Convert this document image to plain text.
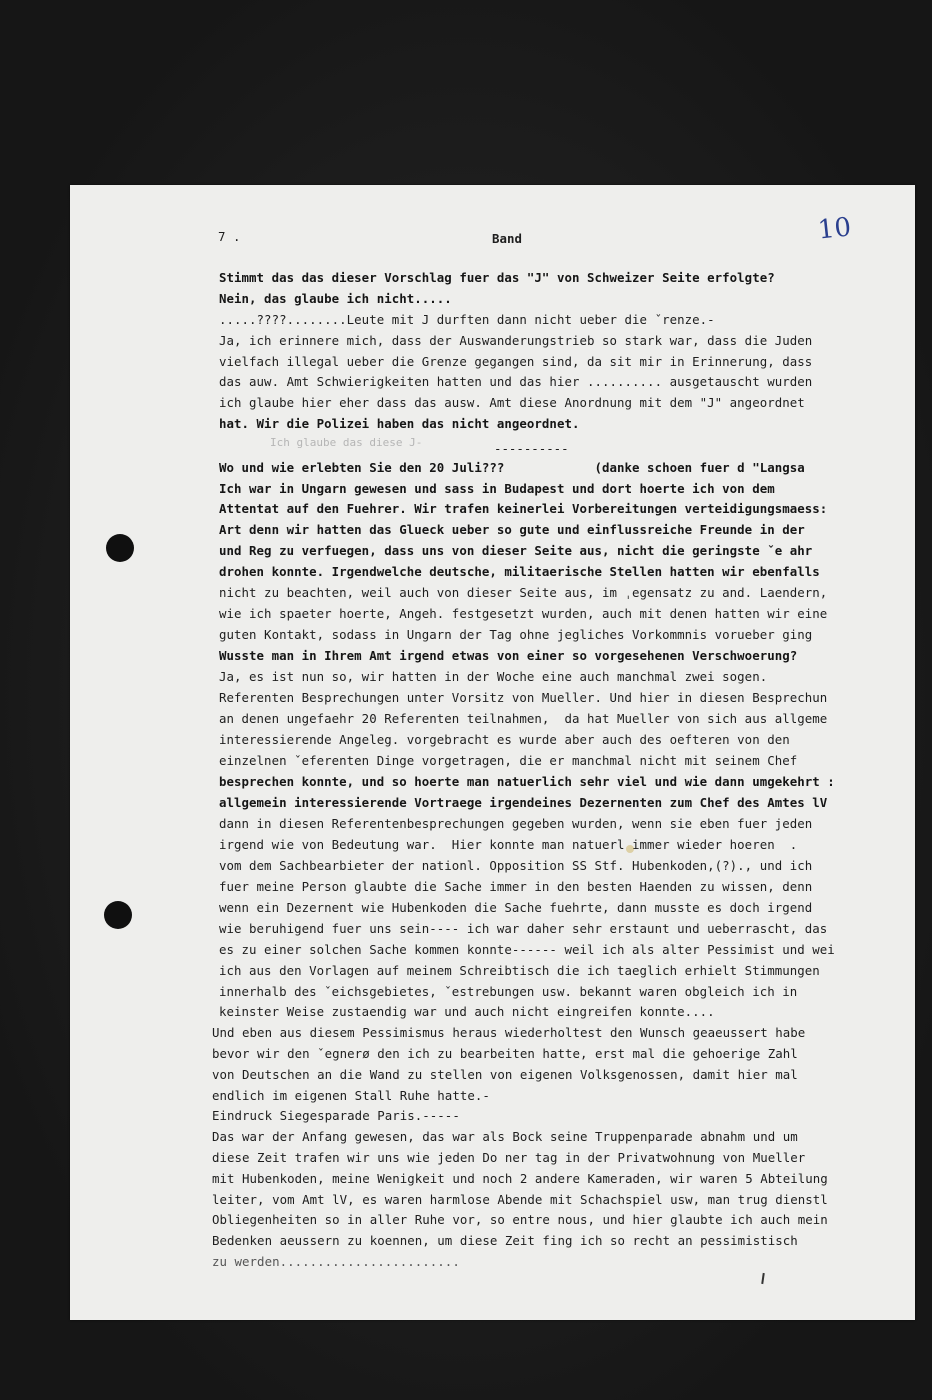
7 .	Band	10
Stimmt das das dieser Vorschlag fuer das "J" von Schweizer Seite erfolgte?
Nein, das glaube ich nicht.....
.....????........Leute mit J durften dann nicht ueber die ˇrenze.-
Ja, ich erinnere mich, dass der Auswanderungstrieb so stark war, dass die Juden
vielfach illegal ueber die Grenze gegangen sind, da sit mir in Erinnerung, dass
das auw. Amt Schwierigkeiten hatten und das hier .......... ausgetauscht wurden
ich glaube hier eher dass das ausw. Amt diese Anordnung mit dem "J" angeordnet
hat. Wir die Polizei haben das nicht angeordnet.
Ich glaube das diese J-	----------
Wo und wie erlebten Sie den 20 Juli???            (danke schoen fuer d "Langsa
Ich war in Ungarn gewesen und sass in Budapest und dort hoerte ich von dem
Attentat auf den Fuehrer. Wir trafen keinerlei Vorbereitungen verteidigungsmaess:
Art denn wir hatten das Glueck ueber so gute und einflussreiche Freunde in der
und Reg zu verfuegen, dass uns von dieser Seite aus, nicht die geringste ˇe ahr
drohen konnte. Irgendwelche deutsche, militaerische Stellen hatten wir ebenfalls
nicht zu beachten, weil auch von dieser Seite aus, im ˌegensatz zu and. Laendern,
wie ich spaeter hoerte, Angeh. festgesetzt wurden, auch mit denen hatten wir eine
guten Kontakt, sodass in Ungarn der Tag ohne jegliches Vorkommnis vorueber ging
Wusste man in Ihrem Amt irgend etwas von einer so vorgesehenen Verschwoerung?
Ja, es ist nun so, wir hatten in der Woche eine auch manchmal zwei sogen.
Referenten Besprechungen unter Vorsitz von Mueller. Und hier in diesen Besprechun
an denen ungefaehr 20 Referenten teilnahmen,  da hat Mueller von sich aus allgeme
interessierende Angeleg. vorgebracht es wurde aber auch des oefteren von den
einzelnen ˇeferenten Dinge vorgetragen, die er manchmal nicht mit seinem Chef
besprechen konnte, und so hoerte man natuerlich sehr viel und wie dann umgekehrt :
allgemein interessierende Vortraege irgendeines Dezernenten zum Chef des Amtes lV
dann in diesen Referentenbesprechungen gegeben wurden, wenn sie eben fuer jeden
irgend wie von Bedeutung war.  Hier konnte man natuerl immer wieder hoeren  .
vom dem Sachbearbieter der nationl. Opposition SS Stf. Hubenkoden,(?)., und ich
fuer meine Person glaubte die Sache immer in den besten Haenden zu wissen, denn
wenn ein Dezernent wie Hubenkoden die Sache fuehrte, dann musste es doch irgend
wie beruhigend fuer uns sein---- ich war daher sehr erstaunt und ueberrascht, das
es zu einer solchen Sache kommen konnte------ weil ich als alter Pessimist und wei
ich aus den Vorlagen auf meinem Schreibtisch die ich taeglich erhielt Stimmungen
innerhalb des ˇeichsgebietes, ˇestrebungen usw. bekannt waren obgleich ich in
keinster Weise zustaendig war und auch nicht eingreifen konnte....
Und eben aus diesem Pessimismus heraus wiederholtest den Wunsch geaeussert habe
bevor wir den ˇegnerø den ich zu bearbeiten hatte, erst mal die gehoerige Zahl
von Deutschen an die Wand zu stellen von eigenen Volksgenossen, damit hier mal
endlich im eigenen Stall Ruhe hatte.-
Eindruck Siegesparade Paris.-----
Das war der Anfang gewesen, das war als Bock seine Truppenparade abnahm und um
diese Zeit trafen wir uns wie jeden Do ner tag in der Privatwohnung von Mueller
mit Hubenkoden, meine Wenigkeit und noch 2 andere Kameraden, wir waren 5 Abteilung
leiter, vom Amt lV, es waren harmlose Abende mit Schachspiel usw, man trug dienstl
Obliegenheiten so in aller Ruhe vor, so entre nous, und hier glaubte ich auch mein
Bedenken aeussern zu koennen, um diese Zeit fing ich so recht an pessimistisch
zu werden........................
